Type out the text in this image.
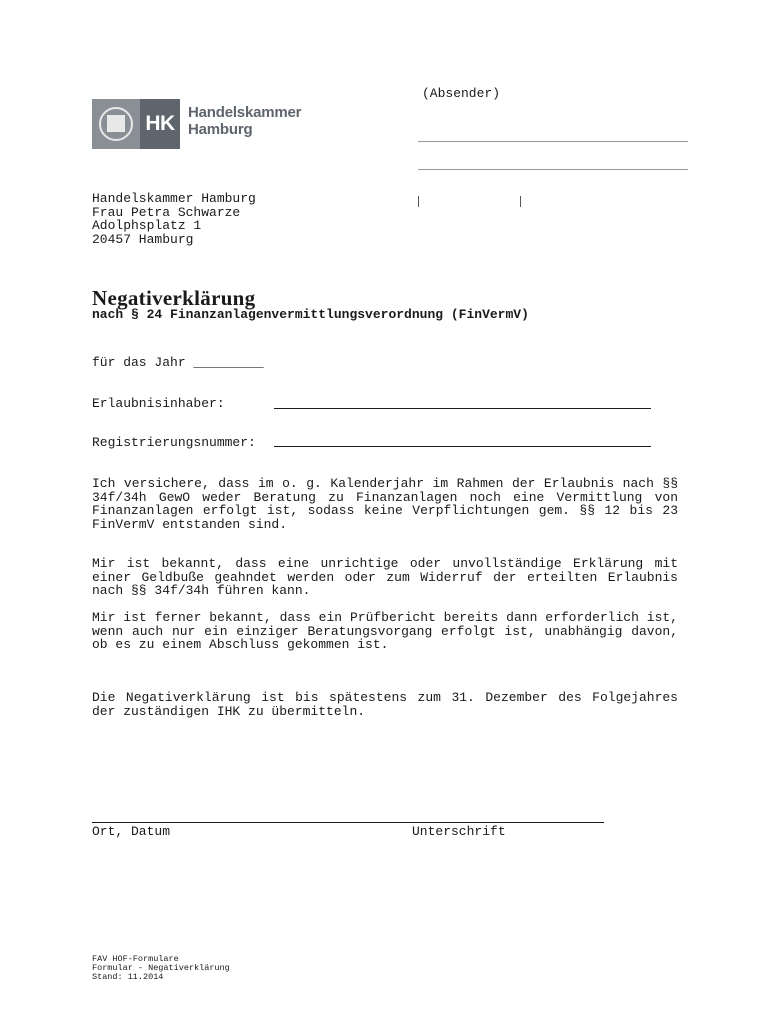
(Absender)
HK Handelskammer
Hamburg
Handelskammer Hamburg
Frau Petra Schwarze
Adolphsplatz 1
20457 Hamburg
Negativerklärung
nach § 24 Finanzanlagenvermittlungsverordnung (FinVermV)
für das Jahr _________
Erlaubnisinhaber:
Registrierungsnummer:
Ich versichere, dass im o. g. Kalenderjahr im Rahmen der Erlaubnis nach §§ 34f/34h GewO weder Beratung zu Finanzanlagen noch eine Vermittlung von Finanzanlagen erfolgt ist, sodass keine Verpflichtungen gem. §§ 12 bis 23 FinVermV entstanden sind.
Mir ist bekannt, dass eine unrichtige oder unvollständige Erklärung mit einer Geldbuße geahndet werden oder zum Widerruf der erteilten Erlaubnis nach §§ 34f/34h führen kann.
Mir ist ferner bekannt, dass ein Prüfbericht bereits dann erforderlich ist, wenn auch nur ein einziger Beratungsvorgang erfolgt ist, unabhängig davon, ob es zu einem Abschluss gekommen ist.
Die Negativerklärung ist bis spätestens zum 31. Dezember des Folgejahres der zuständigen IHK zu übermitteln.
Ort, Datum	Unterschrift
FAV HOF-Formulare
Formular - Negativerklärung
Stand: 11.2014
